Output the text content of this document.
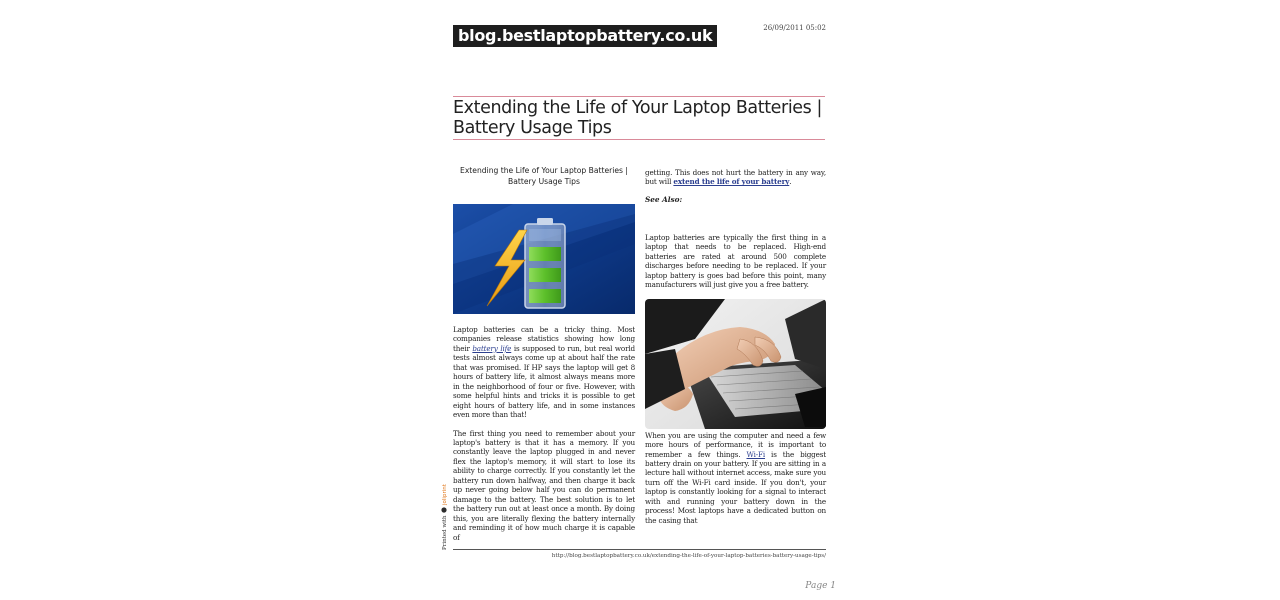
blog.bestlaptopbattery.co.uk	26/09/2011 05:02
Extending the Life of Your Laptop Batteries | Battery Usage Tips
Extending the Life of Your Laptop Batteries | Battery Usage Tips

Laptop batteries can be a tricky thing. Most companies release statistics showing how long their battery life is supposed to run, but real world tests almost always come up at about half the rate that was promised. If HP says the laptop will get 8 hours of battery life, it almost always means more in the neighborhood of four or five. However, with some helpful hints and tricks it is possible to get eight hours of battery life, and in some instances even more than that!

The first thing you need to remember about your laptop's battery is that it has a memory. If you constantly leave the laptop plugged in and never flex the laptop's memory, it will start to lose its ability to charge correctly. If you constantly let the battery run down halfway, and then charge it back up never going below half you can do permanent damage to the battery. The best solution is to let the battery run out at least once a month. By doing this, you are literally flexing the battery internally and reminding it of how much charge it is capable of

getting. This does not hurt the battery in any way, but will extend the life of your battery.

See Also:

Laptop batteries are typically the first thing in a laptop that needs to be replaced. High-end batteries are rated at around 500 complete discharges before needing to be replaced. If your laptop battery is goes bad before this point, many manufacturers will just give you a free battery.

When you are using the computer and need a few more hours of performance, it is important to remember a few things. Wi-Fi is the biggest battery drain on your battery. If you are sitting in a lecture hall without internet access, make sure you turn off the Wi-Fi card inside. If you don't, your laptop is constantly looking for a signal to interact with and running your battery down in the process! Most laptops have a dedicated button on the casing that

Printed with
joliprint
http://blog.bestlaptopbattery.co.uk/extending-the-life-of-your-laptop-batteries-battery-usage-tips/
Page 1
